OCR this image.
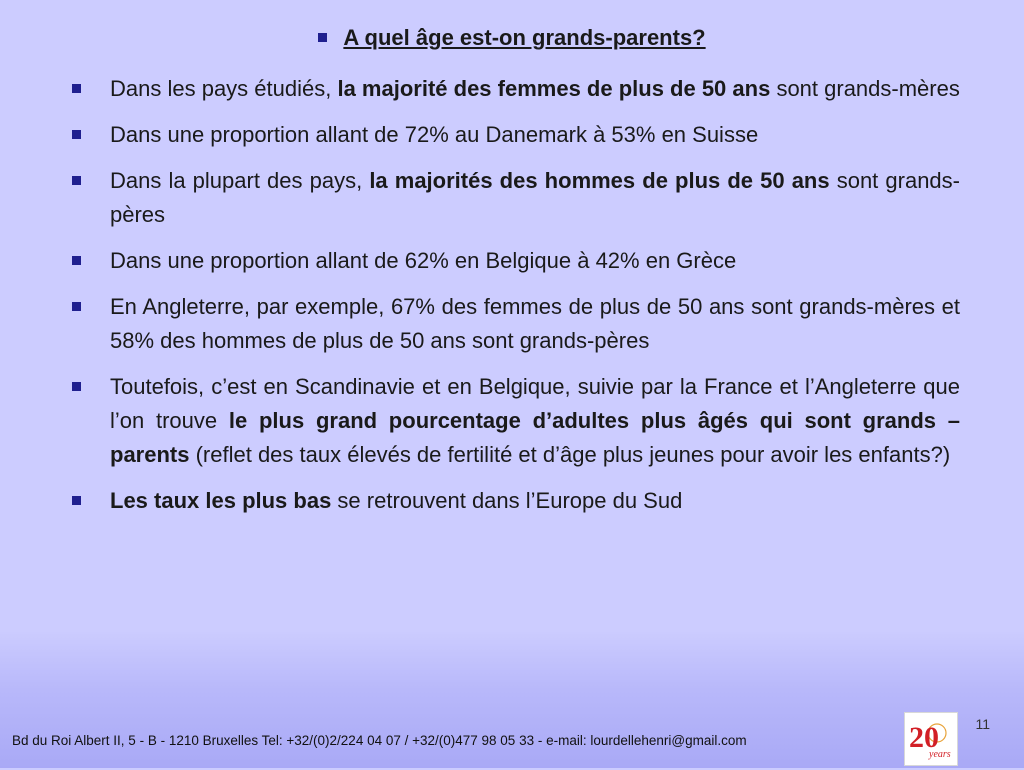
A quel âge est-on grands-parents?
Dans les pays étudiés, la majorité des femmes de plus de 50 ans sont grands-mères
Dans une proportion allant de 72% au Danemark à 53% en Suisse
Dans la plupart des pays, la majorités des hommes de plus de 50 ans sont grands-pères
Dans une proportion allant de 62% en Belgique à 42% en Grèce
En Angleterre, par exemple, 67% des femmes de plus de 50 ans sont grands-mères et 58% des hommes de plus de 50 ans sont grands-pères
Toutefois, c’est en Scandinavie et en Belgique, suivie par la France et l’Angleterre que l’on trouve le plus grand pourcentage d’adultes plus âgés qui sont grands –parents (reflet des taux élevés de fertilité et d’âge plus jeunes pour avoir les enfants?)
Les taux les plus bas se retrouvent dans l’Europe du Sud
Bd du Roi Albert II, 5 - B - 1210 Bruxelles Tel: +32/(0)2/224 04 07 / +32/(0)477 98 05 33 - e-mail: lourdellehenri@gmail.com	20
years
11
